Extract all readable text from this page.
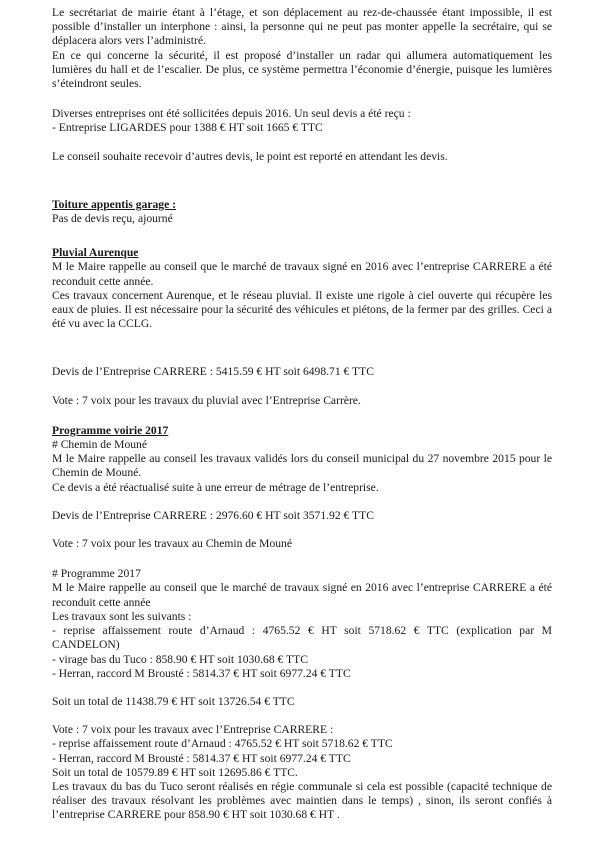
Le secrétariat de mairie étant à l’étage, et son déplacement au rez-de-chaussée étant impossible, il est possible d’installer un interphone : ainsi, la personne qui ne peut pas monter appelle la secrétaire, qui se déplacera alors vers l’administré.

En ce qui concerne la sécurité, il est proposé d’installer un radar qui allumera automatiquement les lumières du hall et de l’escalier. De plus, ce système permettra l’économie d’énergie, puisque les lumières s’éteindront seules.

Diverses entreprises ont été sollicitées depuis 2016. Un seul devis a été reçu :

- Entreprise LIGARDES pour 1388 € HT soit 1665 € TTC

Le conseil souhaite recevoir d’autres devis, le point est reporté en attendant les devis.

Toiture appentis garage :

Pas de devis reçu, ajourné

Pluvial Aurenque

M le Maire rappelle au conseil que le marché de travaux signé en 2016 avec l’entreprise CARRERE a été reconduit cette année.

Ces travaux concernent Aurenque, et le réseau pluvial. Il existe une rigole à ciel ouverte qui récupère les eaux de pluies. Il est nécessaire pour la sécurité des véhicules et piétons, de la fermer par des grilles. Ceci a été vu avec la CCLG.

Devis de l’Entreprise CARRERE : 5415.59 € HT soit 6498.71 € TTC

Vote : 7 voix pour les travaux du pluvial avec l’Entreprise Carrère.

Programme voirie 2017

# Chemin de Mouné

M le Maire rappelle au conseil les travaux validés lors du conseil municipal du 27 novembre 2015 pour le Chemin de Mouné.

Ce devis a été réactualisé suite à une erreur de métrage de l’entreprise.

Devis de l’Entreprise CARRERE : 2976.60 € HT soit 3571.92 € TTC

Vote : 7 voix pour les travaux au Chemin de Mouné

# Programme 2017

M le Maire rappelle au conseil que le marché de travaux signé en 2016 avec l’entreprise CARRERE a été reconduit cette année

Les travaux sont les suivants :

- reprise affaissement route d’Arnaud : 4765.52 € HT soit 5718.62 € TTC (explication par M CANDELON)

- virage bas du Tuco : 858.90 € HT soit 1030.68 € TTC

- Herran, raccord M Brousté : 5814.37 € HT soit 6977.24 € TTC

Soit un total de 11438.79 € HT soit 13726.54 € TTC

Vote : 7 voix pour les travaux avec l’Entreprise CARRERE :

- reprise affaissement route d’Arnaud : 4765.52 € HT soit 5718.62 € TTC

- Herran, raccord M Brousté : 5814.37 € HT soit 6977.24 € TTC

Soit un total de 10579.89 € HT soit 12695.86 € TTC.

Les travaux du bas du Tuco seront réalisés en régie communale si cela est possible (capacité technique de réaliser des travaux résolvant les problèmes avec maintien dans le temps) , sinon, ils seront confiés à l’entreprise CARRERE pour 858.90 € HT soit 1030.68 € HT .
